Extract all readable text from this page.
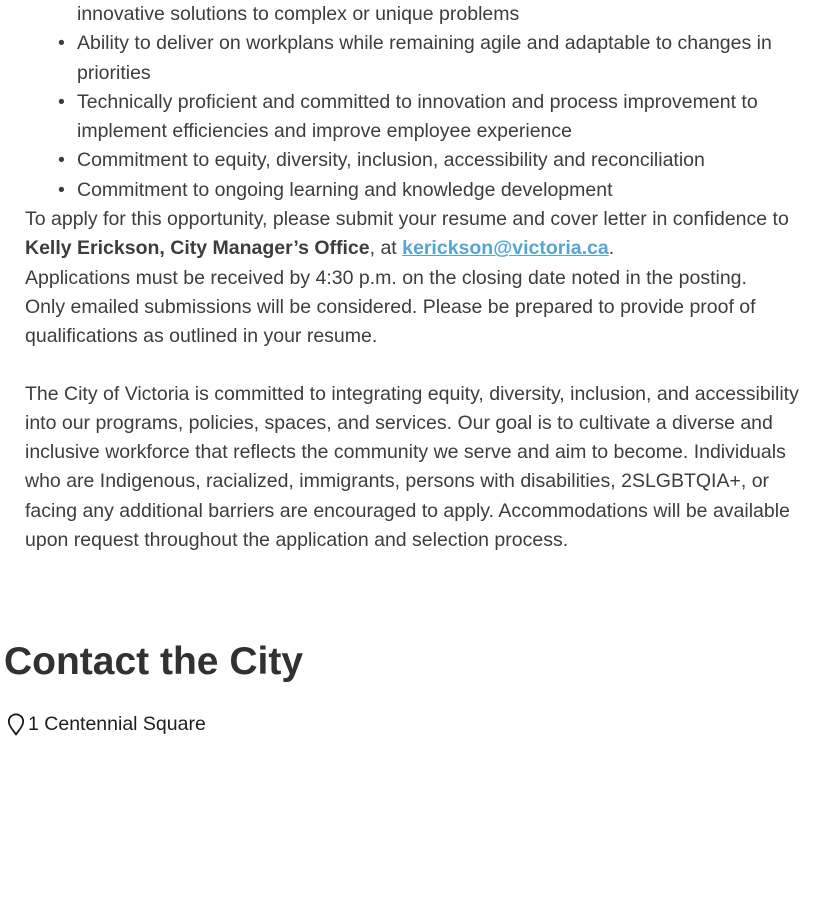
innovative solutions to complex or unique problems
• Ability to deliver on workplans while remaining agile and adaptable to changes in priorities
• Technically proficient and committed to innovation and process improvement to implement efficiencies and improve employee experience
• Commitment to equity, diversity, inclusion, accessibility and reconciliation
• Commitment to ongoing learning and knowledge development

To apply for this opportunity, please submit your resume and cover letter in confidence to Kelly Erickson, City Manager’s Office, at kerickson@victoria.ca.

Applications must be received by 4:30 p.m. on the closing date noted in the posting.
Only emailed submissions will be considered. Please be prepared to provide proof of qualifications as outlined in your resume.

The City of Victoria is committed to integrating equity, diversity, inclusion, and accessibility into our programs, policies, spaces, and services. Our goal is to cultivate a diverse and inclusive workforce that reflects the community we serve and aim to become. Individuals who are Indigenous, racialized, immigrants, persons with disabilities, 2SLGBTQIA+, or facing any additional barriers are encouraged to apply. Accommodations will be available upon request throughout the application and selection process.

Contact the City
1 Centennial Square
